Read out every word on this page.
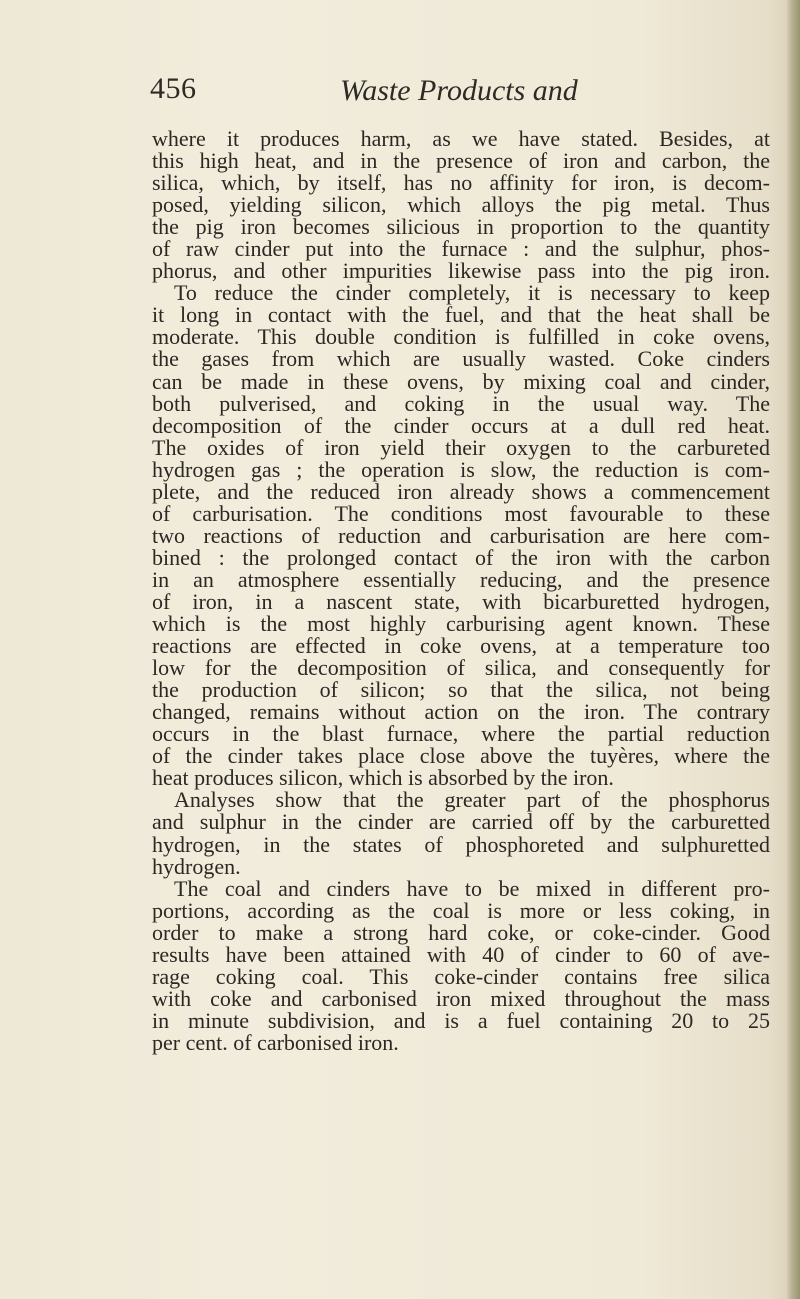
456	Waste Products and
where it produces harm, as we have stated. Besides, at
this high heat, and in the presence of iron and carbon, the
silica, which, by itself, has no affinity for iron, is decom-
posed, yielding silicon, which alloys the pig metal. Thus
the pig iron becomes silicious in proportion to the quantity
of raw cinder put into the furnace : and the sulphur, phos-
phorus, and other impurities likewise pass into the pig iron.
To reduce the cinder completely, it is necessary to keep
it long in contact with the fuel, and that the heat shall be
moderate. This double condition is fulfilled in coke ovens,
the gases from which are usually wasted. Coke cinders
can be made in these ovens, by mixing coal and cinder,
both pulverised, and coking in the usual way. The
decomposition of the cinder occurs at a dull red heat.
The oxides of iron yield their oxygen to the carbureted
hydrogen gas ; the operation is slow, the reduction is com-
plete, and the reduced iron already shows a commencement
of carburisation. The conditions most favourable to these
two reactions of reduction and carburisation are here com-
bined : the prolonged contact of the iron with the carbon
in an atmosphere essentially reducing, and the presence
of iron, in a nascent state, with bicarburetted hydrogen,
which is the most highly carburising agent known. These
reactions are effected in coke ovens, at a temperature too
low for the decomposition of silica, and consequently for
the production of silicon; so that the silica, not being
changed, remains without action on the iron. The contrary
occurs in the blast furnace, where the partial reduction
of the cinder takes place close above the tuyères, where the
heat produces silicon, which is absorbed by the iron.
Analyses show that the greater part of the phosphorus
and sulphur in the cinder are carried off by the carburetted
hydrogen, in the states of phosphoreted and sulphuretted
hydrogen.
The coal and cinders have to be mixed in different pro-
portions, according as the coal is more or less coking, in
order to make a strong hard coke, or coke-cinder. Good
results have been attained with 40 of cinder to 60 of ave-
rage coking coal. This coke-cinder contains free silica
with coke and carbonised iron mixed throughout the mass
in minute subdivision, and is a fuel containing 20 to 25
per cent. of carbonised iron.
